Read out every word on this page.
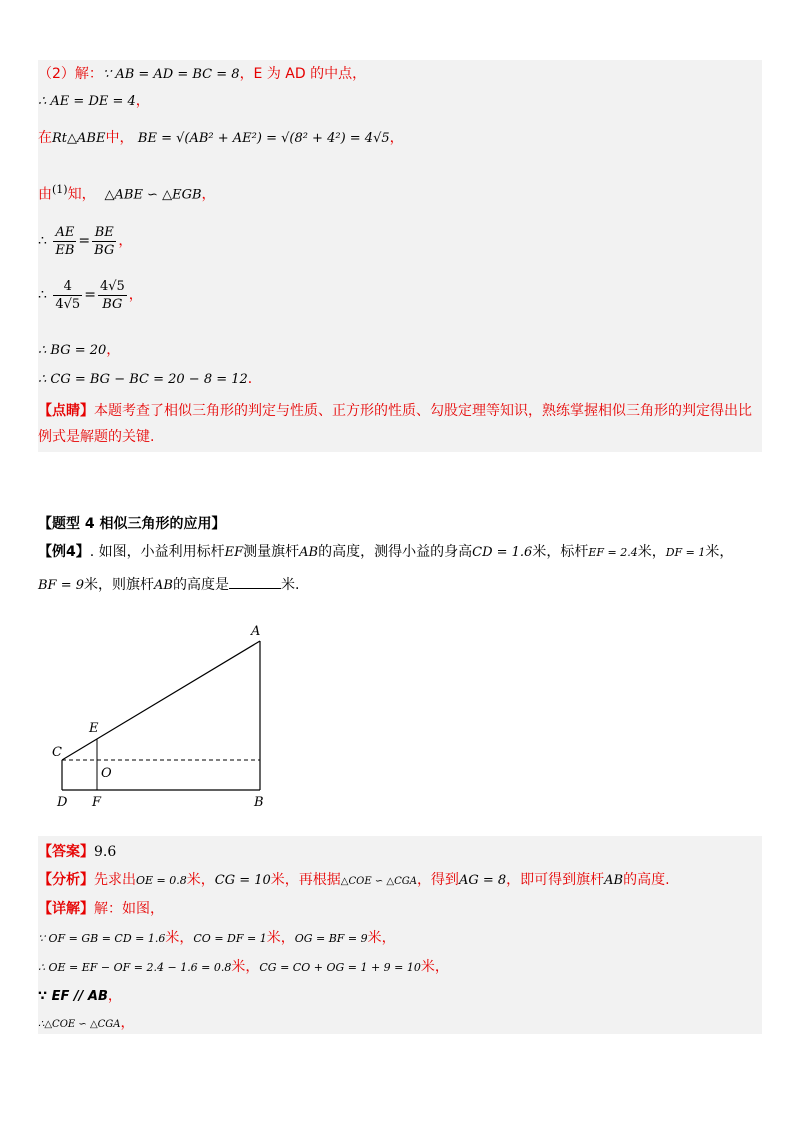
（2）解：∵ AB = AD = BC = 8，E 为 AD 的中点，
∴ AE = DE = 4，
在Rt△ABE中， BE = √(AB² + AE²) = √(8² + 4²) = 4√5，
由$^{(1)}$知， △ABE ∽ △EGB，
∴ $\frac{AE}{EB} = \frac{BE}{BG}$ ，
∴ $\frac{4}{4√5} = \frac{4√5}{BG}$ ，
∴ BG = 20，
∴ CG = BG − BC = 20 − 8 = 12．
【点睛】本题考查了相似三角形的判定与性质、正方形的性质、勾股定理等知识，熟练掌握相似三角形的判定得出比例式是解题的关键.
【题型 4 相似三角形的应用】
【例4】. 如图，小益利用标杆EF测量旗杆AB的高度，测得小益的身高CD = 1.6米，标杆EF = 2.4米，DF = 1米，
BF = 9米，则旗杆AB的高度是	米.
A
B
C
D
E
F
O
【答案】9.6
【分析】先求出OE = 0.8米，CG = 10米，再根据△COE ∽ △CGA，得到AG = 8，即可得到旗杆AB的高度.
【详解】解：如图，
∵ OF = GB = CD = 1.6米，CO = DF = 1米，OG = BF = 9米，
∴ OE = EF − OF = 2.4 − 1.6 = 0.8米，CG = CO + OG = 1 + 9 = 10米，
∵ EF // AB，
∴△COE ∽ △CGA，
